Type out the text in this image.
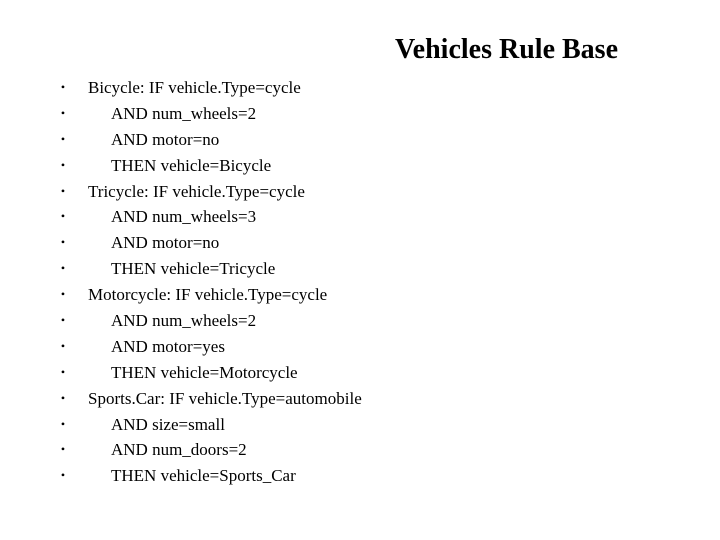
Vehicles Rule Base
• Bicycle: IF vehicle.Type=cycle
•	AND num_wheels=2
•	AND motor=no
•	THEN vehicle=Bicycle
• Tricycle: IF vehicle.Type=cycle
•	AND num_wheels=3
•	AND motor=no
•	THEN vehicle=Tricycle
• Motorcycle: IF vehicle.Type=cycle
•	AND num_wheels=2
•	AND motor=yes
•	THEN vehicle=Motorcycle
• Sports.Car: IF vehicle.Type=automobile
•	AND size=small
•	AND num_doors=2
•	THEN vehicle=Sports_Car
